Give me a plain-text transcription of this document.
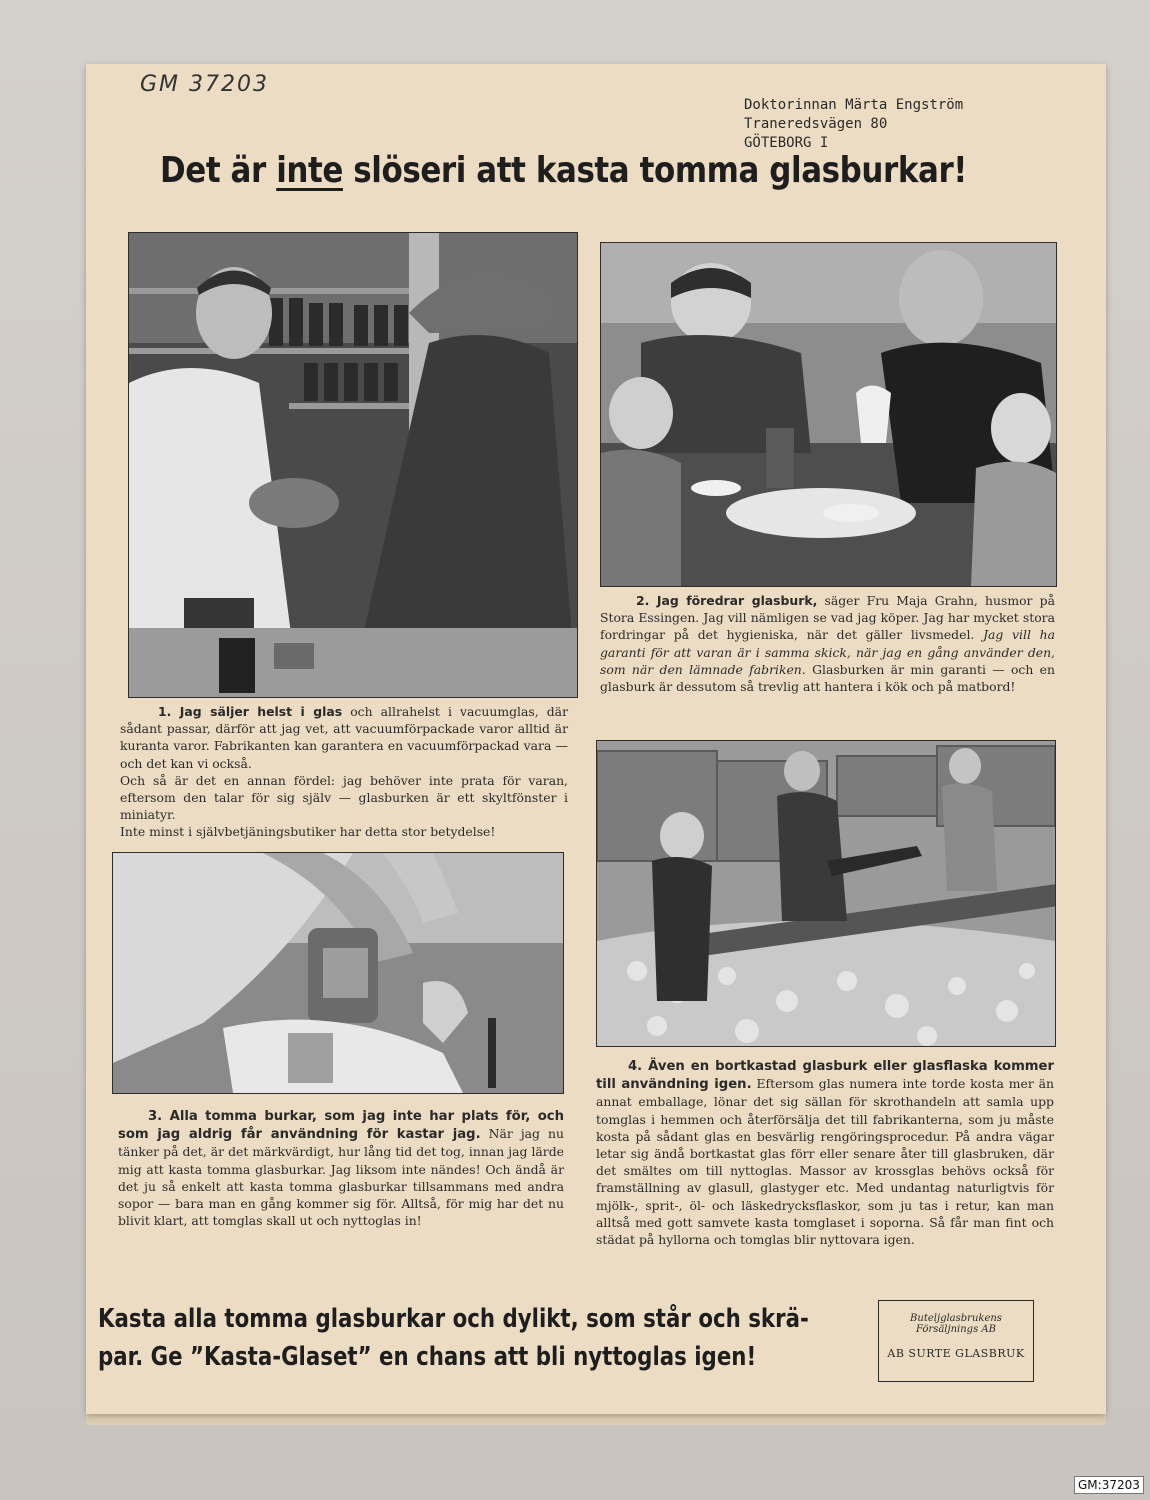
GM 37203
Doktorinnan Märta Engström
Traneredsvägen 80
GÖTEBORG I
Det är inte slöseri att kasta tomma glasburkar!

1. Jag säljer helst i glas och allrahelst i vacuumglas, där sådant passar, därför att jag vet, att vacuumförpackade varor alltid är kuranta varor. Fabrikanten kan garantera en vacuumförpackad vara — och det kan vi också.

Och så är det en annan fördel: jag behöver inte prata för varan, eftersom den talar för sig själv — glasburken är ett skyltfönster i miniatyr.

Inte minst i självbetjäningsbutiker har detta stor betydelse!

2. Jag föredrar glasburk, säger Fru Maja Grahn, husmor på Stora Essingen. Jag vill nämligen se vad jag köper. Jag har mycket stora fordringar på det hygieniska, när det gäller livsmedel. Jag vill ha garanti för att varan är i samma skick, när jag en gång använder den, som när den lämnade fabriken. Glasburken är min garanti — och en glasburk är dessutom så trevlig att hantera i kök och på matbord!

3. Alla tomma burkar, som jag inte har plats för, och som jag aldrig får användning för kastar jag. När jag nu tänker på det, är det märkvärdigt, hur lång tid det tog, innan jag lärde mig att kasta tomma glasburkar. Jag liksom inte nändes! Och ändå är det ju så enkelt att kasta tomma glasburkar tillsammans med andra sopor — bara man en gång kommer sig för. Alltså, för mig har det nu blivit klart, att tomglas skall ut och nyttoglas in!

4. Även en bortkastad glasburk eller glasflaska kommer till användning igen. Eftersom glas numera inte torde kosta mer än annat emballage, lönar det sig sällan för skrothandeln att samla upp tomglas i hemmen och återförsälja det till fabrikanterna, som ju måste kosta på sådant glas en besvärlig rengöringsprocedur. På andra vägar letar sig ändå bortkastat glas förr eller senare åter till glasbruken, där det smältes om till nyttoglas. Massor av krossglas behövs också för framställning av glasull, glastyger etc. Med undantag naturligtvis för mjölk-, sprit-, öl- och läskedrycksflaskor, som ju tas i retur, kan man alltså med gott samvete kasta tomglaset i soporna. Så får man fint och städat på hyllorna och tomglas blir nyttovara igen.

Kasta alla tomma glasburkar och dylikt, som står och skrä-
par. Ge ”Kasta-Glaset” en chans att bli nyttoglas igen!
Buteljglasbrukens
Försäljnings AB
AB SURTE GLASBRUK
GM:37203
